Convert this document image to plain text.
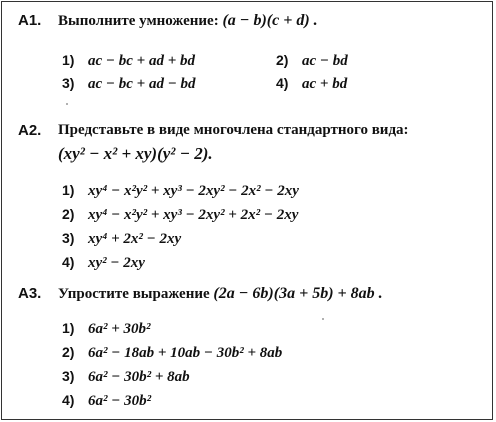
A1. Выполните умножение: (a − b)(c + d) .
1) ac − bc + ad + bd	2) ac − bd
3) ac − bc + ad − bd	4) ac + bd
A2. Представьте в виде многочлена стандартного вида:
(xy² − x² + xy)(y² − 2).
1) xy⁴ − x²y² + xy³ − 2xy² − 2x² − 2xy
2) xy⁴ − x²y² + xy³ − 2xy² + 2x² − 2xy
3) xy⁴ + 2x² − 2xy
4) xy² − 2xy
A3. Упростите выражение (2a − 6b)(3a + 5b) + 8ab .
1) 6a² + 30b²
2) 6a² − 18ab + 10ab − 30b² + 8ab
3) 6a² − 30b² + 8ab
4) 6a² − 30b²
